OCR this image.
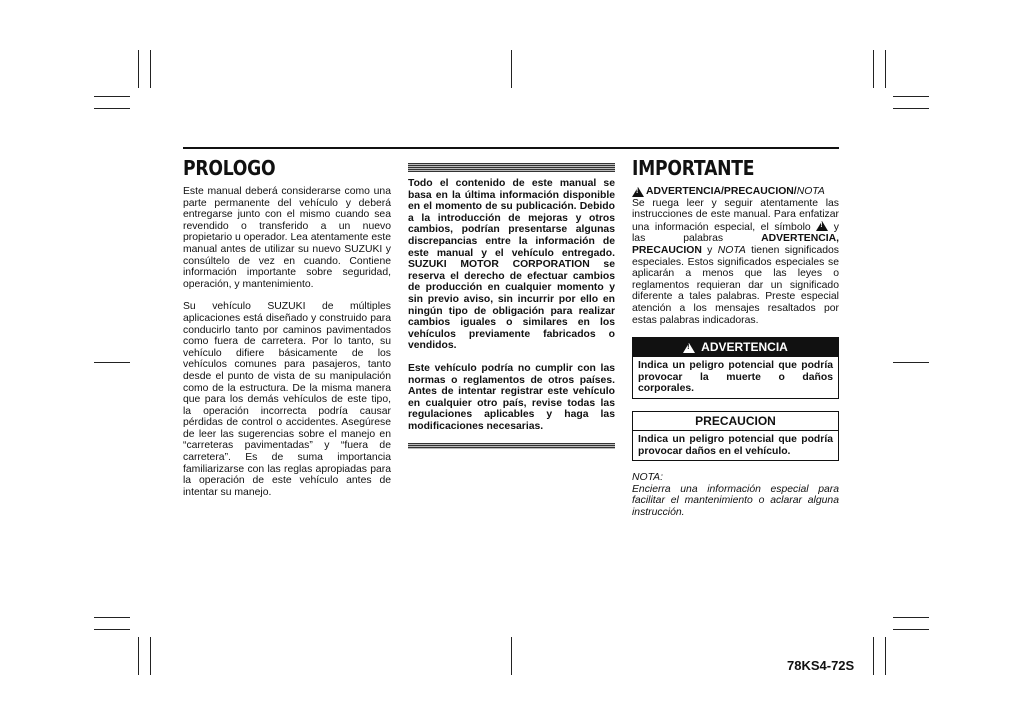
PROLOGO

Este manual deberá considerarse como una parte permanente del vehículo y deberá entregarse junto con el mismo cuando sea revendido o transferido a un nuevo propietario u operador. Lea atentamente este manual antes de utilizar su nuevo SUZUKI y consúltelo de vez en cuando. Contiene información importante sobre seguridad, operación, y mantenimiento.

Su vehículo SUZUKI de múltiples aplicaciones está diseñado y construido para conducirlo tanto por caminos pavimentados como fuera de carretera. Por lo tanto, su vehículo difiere básicamente de los vehículos comunes para pasajeros, tanto desde el punto de vista de su manipulación como de la estructura. De la misma manera que para los demás vehículos de este tipo, la operación incorrecta podría causar pérdidas de control o accidentes. Asegúrese de leer las sugerencias sobre el manejo en “carreteras pavimentadas” y “fuera de carretera”. Es de suma importancia familiarizarse con las reglas apropiadas para la operación de este vehículo antes de intentar su manejo.

Todo el contenido de este manual se basa en la última información disponible en el momento de su publicación. Debido a la introducción de mejoras y otros cambios, podrían presentarse algunas discrepancias entre la información de este manual y el vehículo entregado. SUZUKI MOTOR CORPORATION se reserva el derecho de efectuar cambios de producción en cualquier momento y sin previo aviso, sin incurrir por ello en ningún tipo de obligación para realizar cambios iguales o similares en los vehículos previamente fabricados o vendidos.

Este vehículo podría no cumplir con las normas o reglamentos de otros países. Antes de intentar registrar este vehículo en cualquier otro país, revise todas las regulaciones aplicables y haga las modificaciones necesarias.

IMPORTANTE
!
ADVERTENCIA/PRECAUCION/NOTA

Se ruega leer y seguir atentamente las instrucciones de este manual. Para enfatizar una información especial, el símbolo ! y las palabras	ADVERTENCIA, PRECAUCION y NOTA tienen significados especiales. Estos significados especiales se aplicarán a menos que las leyes o reglamentos requieran dar un significado diferente a tales palabras. Preste especial atención a los mensajes resaltados por estas palabras indicadoras.

!
ADVERTENCIA
Indica un peligro potencial que podría provocar la muerte o daños corporales.
PRECAUCION
Indica un peligro potencial que podría provocar daños en el vehículo.
NOTA:

Encierra una información especial para facilitar el mantenimiento o aclarar alguna instrucción.

78KS4-72S
